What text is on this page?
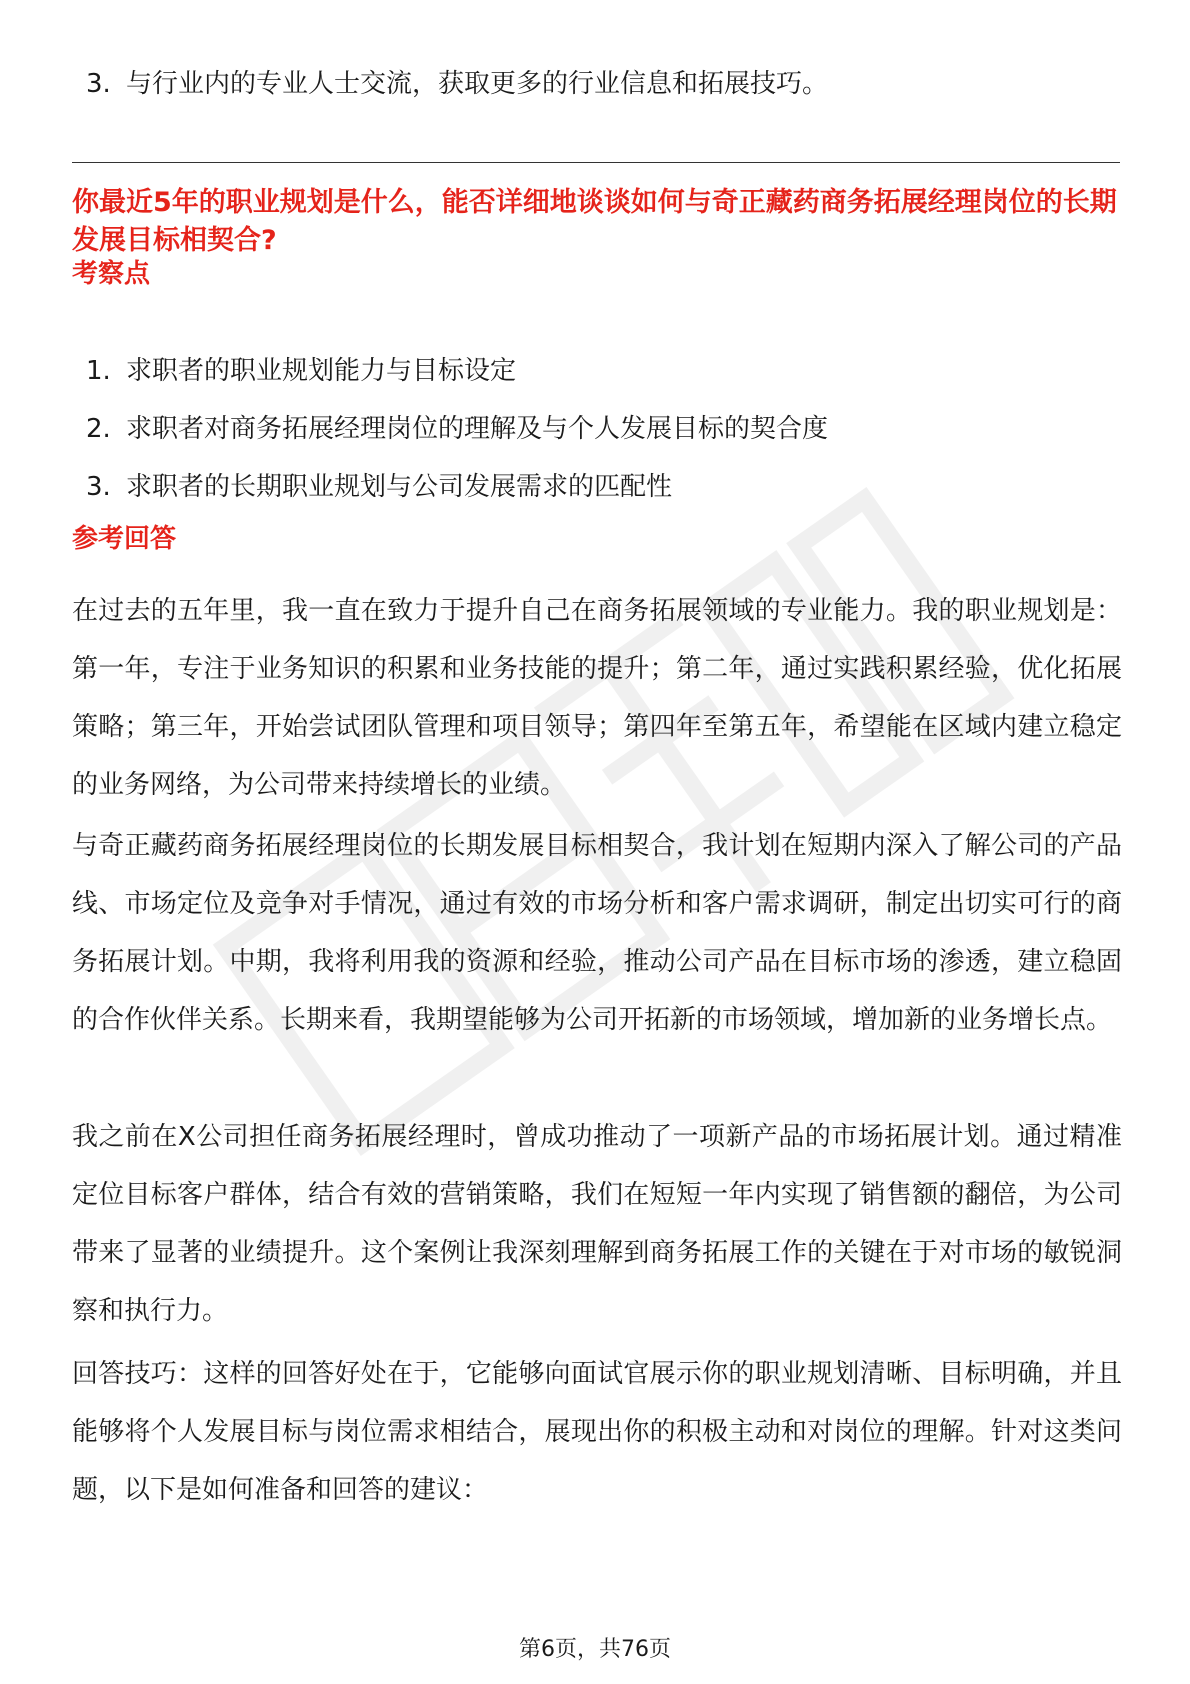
3. 与行业内的专业人士交流，获取更多的行业信息和拓展技巧。
你最近5年的职业规划是什么，能否详细地谈谈如何与奇正藏药商务拓展经理岗位的长期发展目标相契合?
考察点
1. 求职者的职业规划能力与目标设定
2. 求职者对商务拓展经理岗位的理解及与个人发展目标的契合度
3. 求职者的长期职业规划与公司发展需求的匹配性
参考回答

在过去的五年里，我一直在致力于提升自己在商务拓展领域的专业能力。我的职业规划是：第一年，专注于业务知识的积累和业务技能的提升；第二年，通过实践积累经验，优化拓展策略；第三年，开始尝试团队管理和项目领导；第四年至第五年，希望能在区域内建立稳定的业务网络，为公司带来持续增长的业绩。

与奇正藏药商务拓展经理岗位的长期发展目标相契合，我计划在短期内深入了解公司的产品线、市场定位及竞争对手情况，通过有效的市场分析和客户需求调研，制定出切实可行的商务拓展计划。中期，我将利用我的资源和经验，推动公司产品在目标市场的渗透，建立稳固的合作伙伴关系。长期来看，我期望能够为公司开拓新的市场领域，增加新的业务增长点。

我之前在X公司担任商务拓展经理时，曾成功推动了一项新产品的市场拓展计划。通过精准定位目标客户群体，结合有效的营销策略，我们在短短一年内实现了销售额的翻倍，为公司带来了显著的业绩提升。这个案例让我深刻理解到商务拓展工作的关键在于对市场的敏锐洞察和执行力。

回答技巧：这样的回答好处在于，它能够向面试官展示你的职业规划清晰、目标明确，并且能够将个人发展目标与岗位需求相结合，展现出你的积极主动和对岗位的理解。针对这类问题，以下是如何准备和回答的建议：

第6页，共76页
